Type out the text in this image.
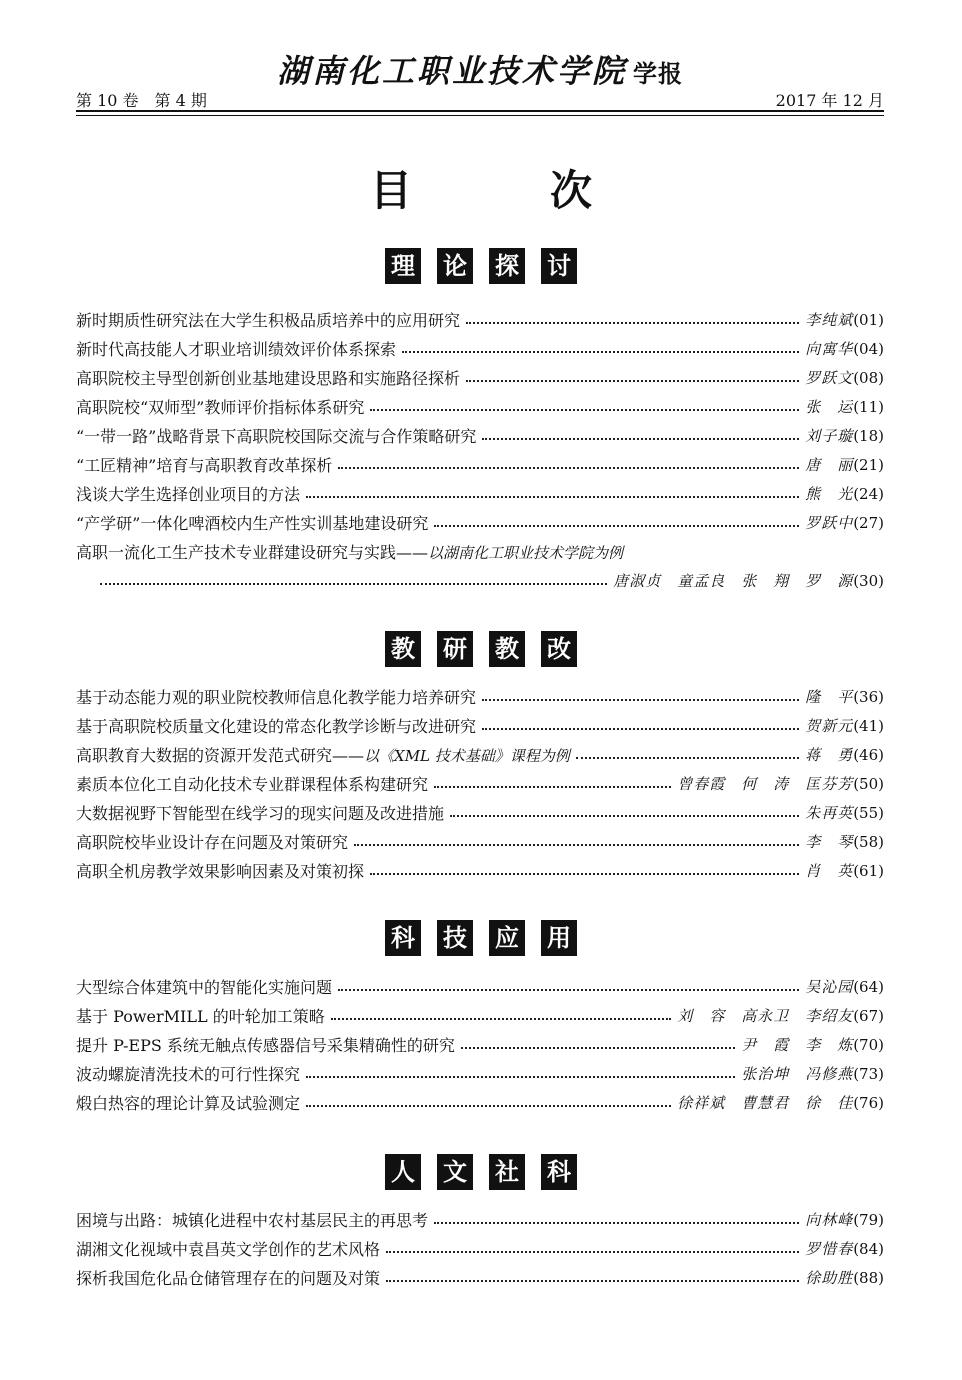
湖南化工职业技术学院 学报
第 10 卷　第 4 期	2017 年 12 月
目　次
理 论 探 讨
新时期质性研究法在大学生积极品质培养中的应用研究	李纯斌 (01)
新时代高技能人才职业培训绩效评价体系探索	向寓华 (04)
高职院校主导型创新创业基地建设思路和实施路径探析	罗跃文 (08)
高职院校“双师型”教师评价指标体系研究	张　运 (11)
“一带一路”战略背景下高职院校国际交流与合作策略研究	刘子璇 (18)
“工匠精神”培育与高职教育改革探析	唐　丽 (21)
浅谈大学生选择创业项目的方法	熊　光 (24)
“产学研”一体化啤酒校内生产性实训基地建设研究	罗跃中 (27)
高职一流化工生产技术专业群建设研究与实践——以湖南化工职业技术学院为例
唐淑贞　童孟良　张　翔　罗　源 (30)
教 研 教 改
基于动态能力观的职业院校教师信息化教学能力培养研究	隆　平 (36)
基于高职院校质量文化建设的常态化教学诊断与改进研究	贺新元 (41)
高职教育大数据的资源开发范式研究——以《XML 技术基础》课程为例	蒋　勇 (46)
素质本位化工自动化技术专业群课程体系构建研究	曾春霞　何　涛　匡芬芳 (50)
大数据视野下智能型在线学习的现实问题及改进措施	朱再英 (55)
高职院校毕业设计存在问题及对策研究	李　琴 (58)
高职全机房教学效果影响因素及对策初探	肖　英 (61)
科 技 应 用
大型综合体建筑中的智能化实施问题	吴沁园 (64)
基于 PowerMILL 的叶轮加工策略	刘　容　高永卫　李绍友 (67)
提升 P-EPS 系统无触点传感器信号采集精确性的研究	尹　霞　李　炼 (70)
波动螺旋清洗技术的可行性探究	张治坤　冯修燕 (73)
煅白热容的理论计算及试验测定	徐祥斌　曹慧君　徐　佳 (76)
人 文 社 科
困境与出路：城镇化进程中农村基层民主的再思考	向林峰 (79)
湖湘文化视域中袁昌英文学创作的艺术风格	罗惜春 (84)
探析我国危化品仓储管理存在的问题及对策	徐助胜 (88)
